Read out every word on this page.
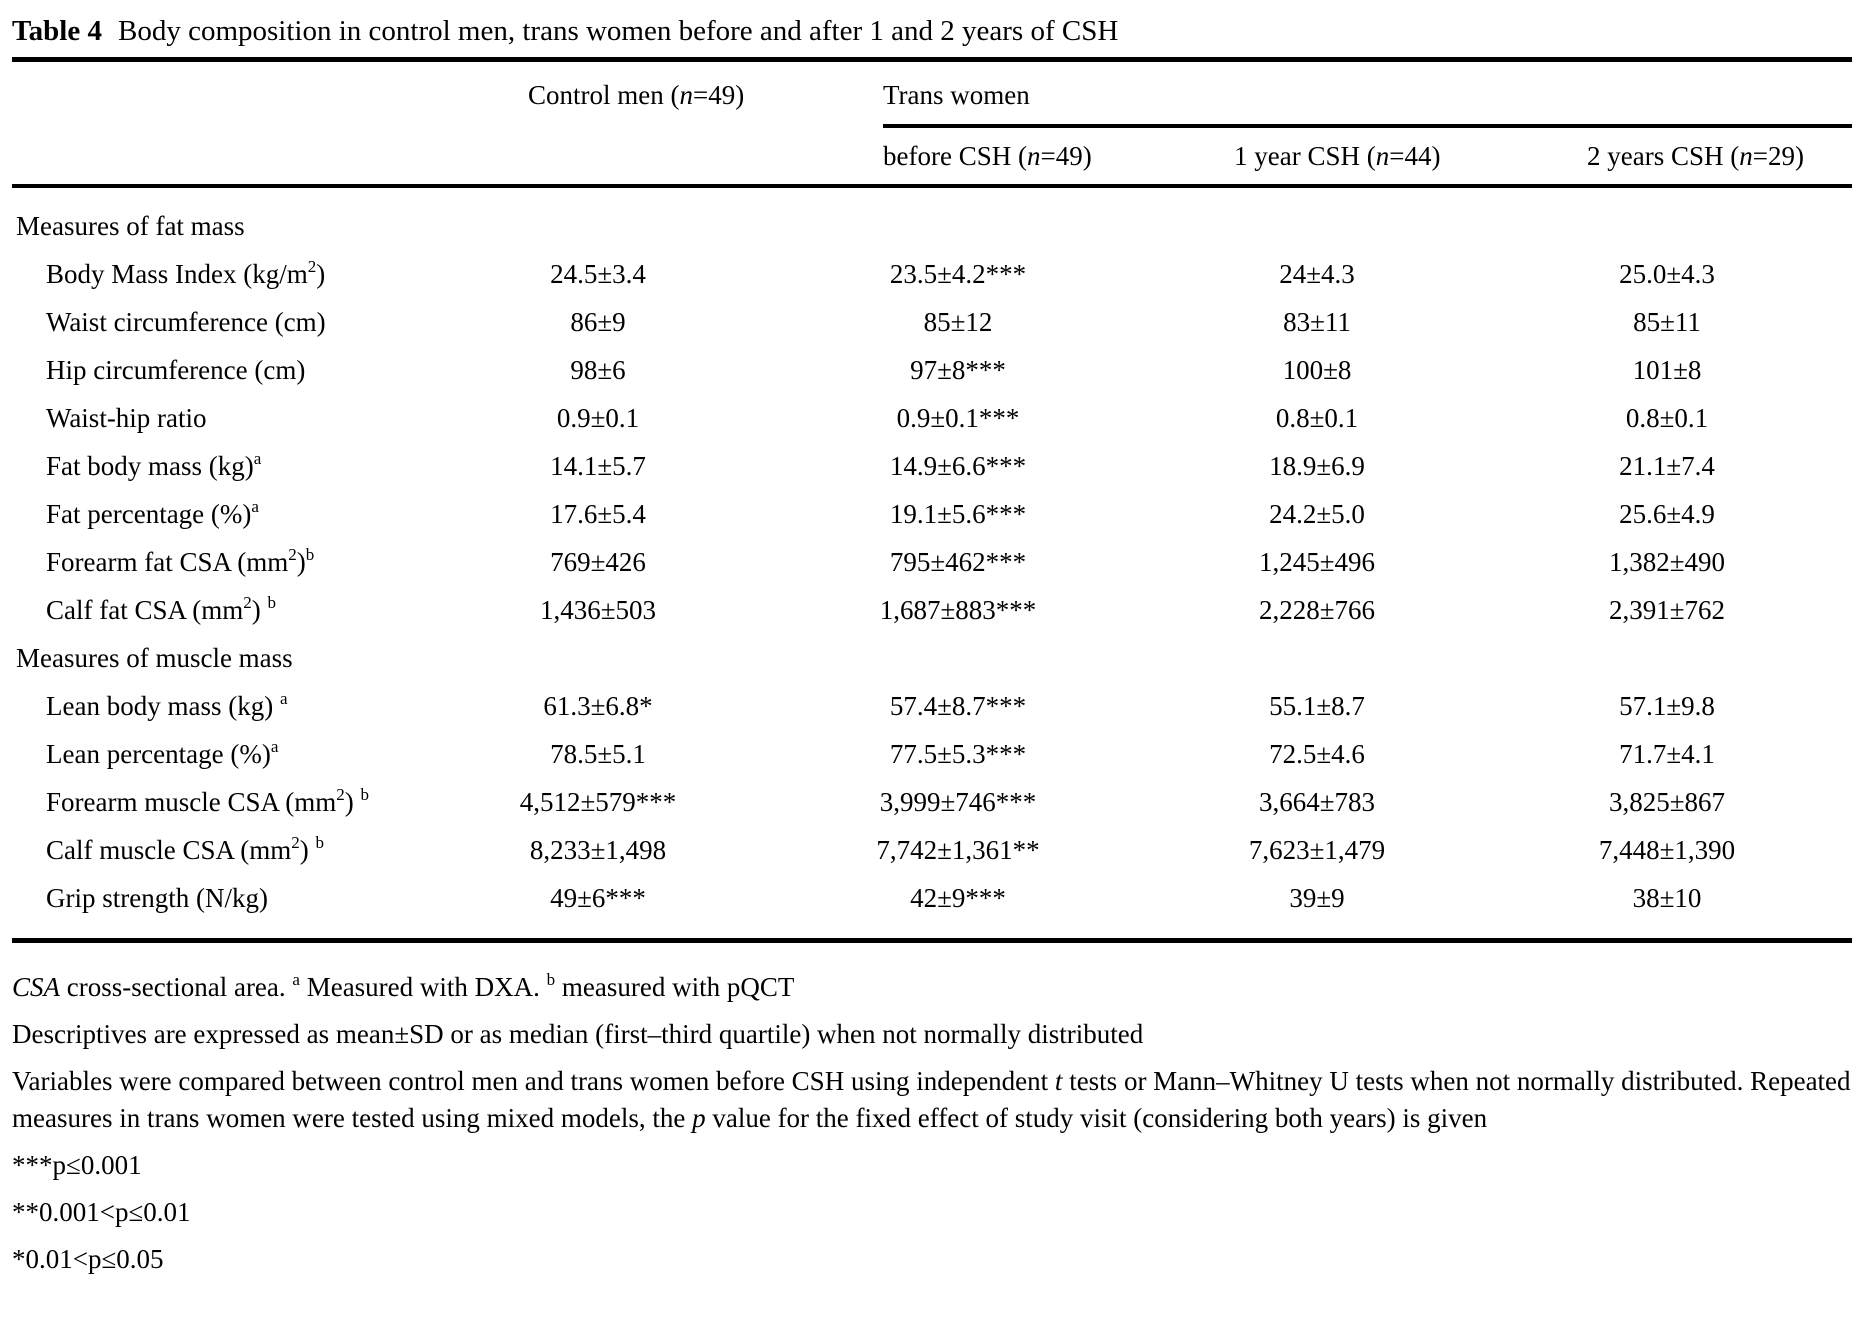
Table 4 Body composition in control men, trans women before and after 1 and 2 years of CSH
	Control men (n=49)	Trans women		

		before CSH (n=49)	1 year CSH (n=44)	2 years CSH (n=29)
Measures of fat mass				
Body Mass Index $(kg/m^2)$	24.5±3.4	23.5±4.2***	24±4.3	25.0±4.3
Waist circumference (cm)	86±9	85±12	83±11	85±11
Hip circumference (cm)	98±6	97±8***	100±8	101±8
Waist-hip ratio	0.9±0.1	0.9±0.1***	0.8±0.1	0.8±0.1
Fat body mass (kg)$^a$	14.1±5.7	14.9±6.6***	18.9±6.9	21.1±7.4
Fat percentage (%)$^a$	17.6±5.4	19.1±5.6***	24.2±5.0	25.6±4.9
Forearm fat CSA $(mm^2)^b$	769±426	795±462***	1,245±496	1,382±490
Calf fat CSA $(mm^2)$ $^b$	1,436±503	1,687±883***	2,228±766	2,391±762
Measures of muscle mass				
Lean body mass (kg) $^a$	61.3±6.8*	57.4±8.7***	55.1±8.7	57.1±9.8
Lean percentage (%)$^a$	78.5±5.1	77.5±5.3***	72.5±4.6	71.7±4.1
Forearm muscle CSA $(mm^2)$ $^b$	4,512±579***	3,999±746***	3,664±783	3,825±867
Calf muscle CSA $(mm^2)$ $^b$	8,233±1,498	7,742±1,361**	7,623±1,479	7,448±1,390
Grip strength (N/kg)	49±6***	42±9***	39±9	38±10
CSA cross-sectional area. $^a$ Measured with DXA. $^b$ measured with pQCT
Descriptives are expressed as mean±SD or as median (first–third quartile) when not normally distributed
Variables were compared between control men and trans women before CSH using independent t tests or Mann–Whitney U tests when not normally distributed. Repeated measures in trans women were tested using mixed models, the p value for the fixed effect of study visit (considering both years) is given
***p≤0.001
**0.001<p≤0.01
*0.01<p≤0.05
